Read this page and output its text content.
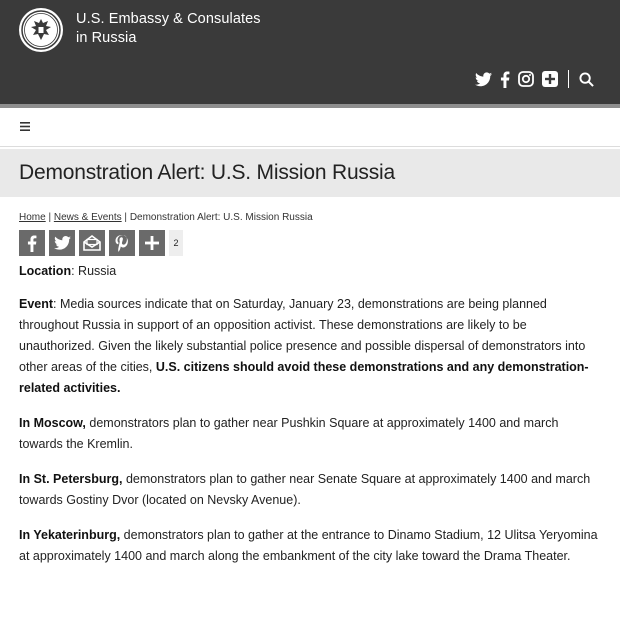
U.S. Embassy & Consulates
in Russia
Demonstration Alert: U.S. Mission Russia
Home | News & Events | Demonstration Alert: U.S. Mission Russia
2

Location: Russia

Event: Media sources indicate that on Saturday, January 23, demonstrations are being planned throughout Russia in support of an opposition activist. These demonstrations are likely to be unauthorized. Given the likely substantial police presence and possible dispersal of demonstrators into other areas of the cities, U.S. citizens should avoid these demonstrations and any demonstration-related activities.

In Moscow, demonstrators plan to gather near Pushkin Square at approximately 1400 and march towards the Kremlin.

In St. Petersburg, demonstrators plan to gather near Senate Square at approximately 1400 and march towards Gostiny Dvor (located on Nevsky Avenue).

In Yekaterinburg, demonstrators plan to gather at the entrance to Dinamo Stadium, 12 Ulitsa Yeryomina at approximately 1400 and march along the embankment of the city lake toward the Drama Theater.
